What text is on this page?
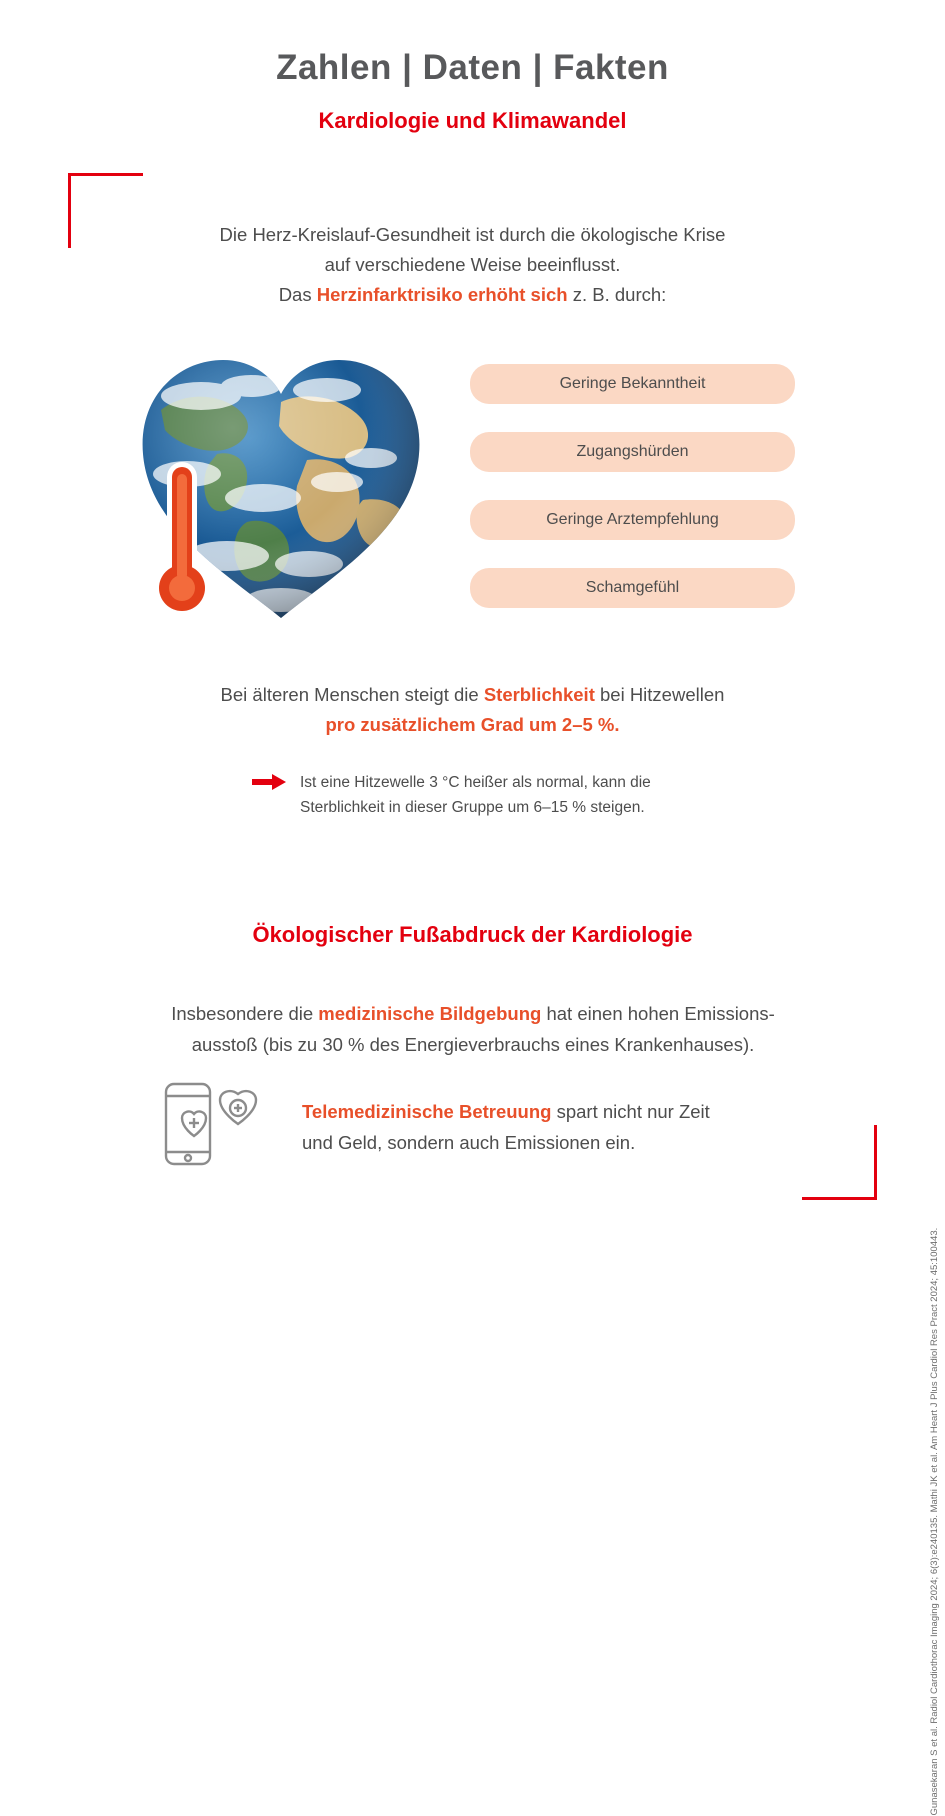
Zahlen | Daten | Fakten
Kardiologie und Klimawandel
Die Herz-Kreislauf-Gesundheit ist durch die ökologische Krise
auf verschiedene Weise beeinflusst.
Das Herzinfarktrisiko erhöht sich z. B. durch:
Geringe Bekanntheit
Zugangshürden
Geringe Arztempfehlung
Schamgefühl
Bei älteren Menschen steigt die Sterblichkeit bei Hitzewellen
pro zusätzlichem Grad um 2–5 %.
Ist eine Hitzewelle 3 °C heißer als normal, kann die
Sterblichkeit in dieser Gruppe um 6–15 % steigen.
Ökologischer Fußabdruck der Kardiologie
Insbesondere die medizinische Bildgebung hat einen hohen Emissions-
ausstoß (bis zu 30 % des Energieverbrauchs eines Krankenhauses).
Telemedizinische Betreuung spart nicht nur Zeit
und Geld, sondern auch Emissionen ein.
Gunasekaran S et al. Radiol Cardiothorac Imaging 2024; 6(3):e240135. Mathi JK et al. Am Heart J Plus Cardiol Res Pract 2024; 45:100443.
